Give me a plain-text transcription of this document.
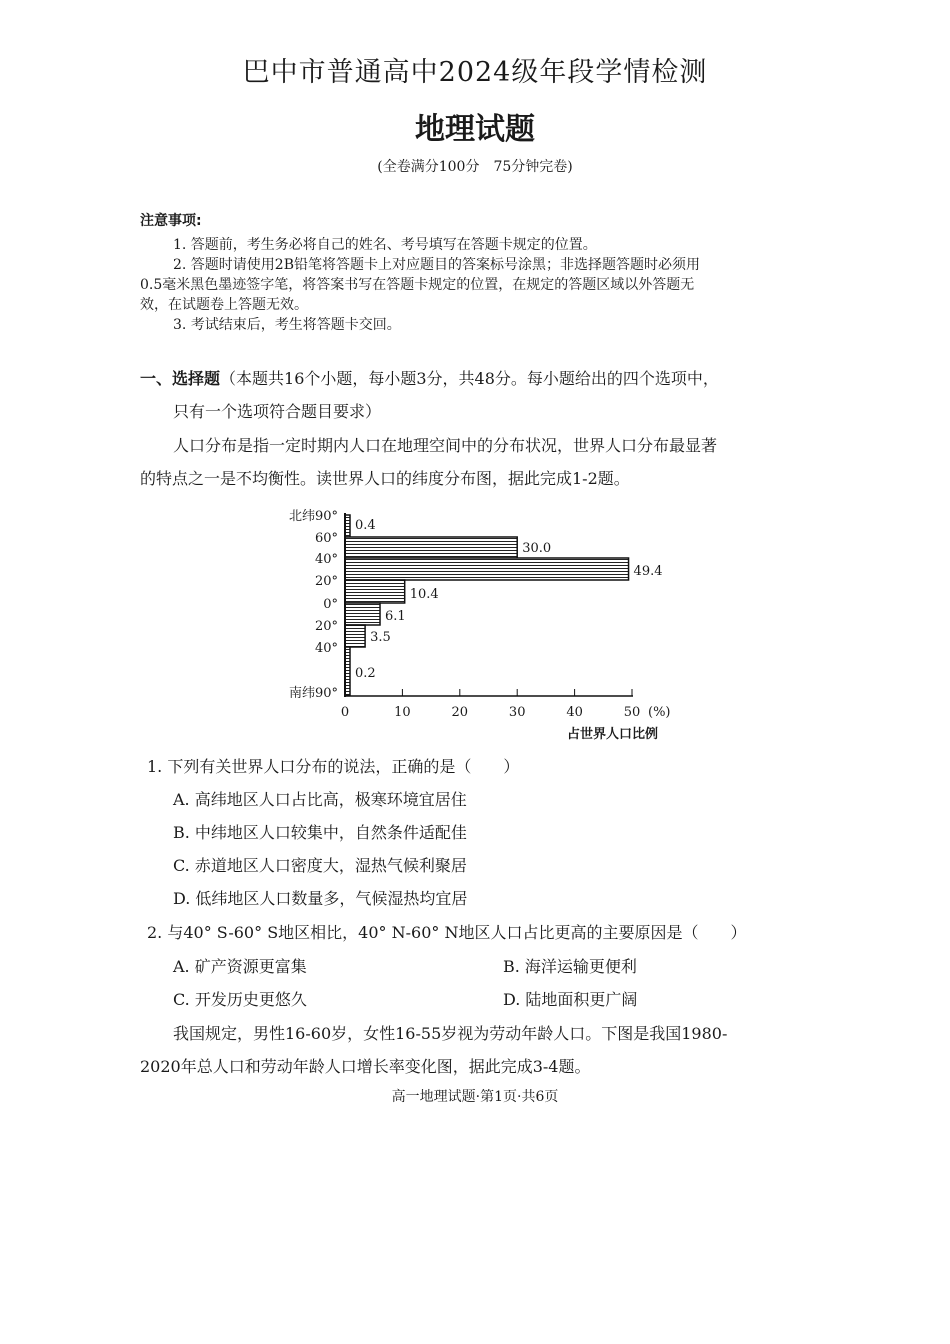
巴中市普通高中2024级年段学情检测
地理试题
(全卷满分100分　75分钟完卷)
注意事项:
1. 答题前，考生务必将自己的姓名、考号填写在答题卡规定的位置。
2. 答题时请使用2B铅笔将答题卡上对应题目的答案标号涂黑；非选择题答题时必须用
0.5毫米黑色墨迹签字笔，将答案书写在答题卡规定的位置，在规定的答题区域以外答题无
效，在试题卷上答题无效。
3. 考试结束后，考生将答题卡交回。
一、选择题（本题共16个小题，每小题3分，共48分。每小题给出的四个选项中，
只有一个选项符合题目要求）
人口分布是指一定时期内人口在地理空间中的分布状况，世界人口分布最显著
的特点之一是不均衡性。读世界人口的纬度分布图，据此完成1-2题。
0.4
30.0
49.4
10.4
6.1
3.5
0.2
北纬90°
60°
40°
20°
0°
20°
40°
南纬90°
0	10	20	30	40	50 (%)
占世界人口比例
1. 下列有关世界人口分布的说法，正确的是（　　）
A. 高纬地区人口占比高，极寒环境宜居住
B. 中纬地区人口较集中，自然条件适配佳
C. 赤道地区人口密度大，湿热气候利聚居
D. 低纬地区人口数量多，气候湿热均宜居
2. 与40° S-60° S地区相比，40° N-60° N地区人口占比更高的主要原因是（　　）
A. 矿产资源更富集	B. 海洋运输更便利
C. 开发历史更悠久	D. 陆地面积更广阔
我国规定，男性16-60岁，女性16-55岁视为劳动年龄人口。下图是我国1980-
2020年总人口和劳动年龄人口增长率变化图，据此完成3-4题。
高一地理试题·第1页·共6页
